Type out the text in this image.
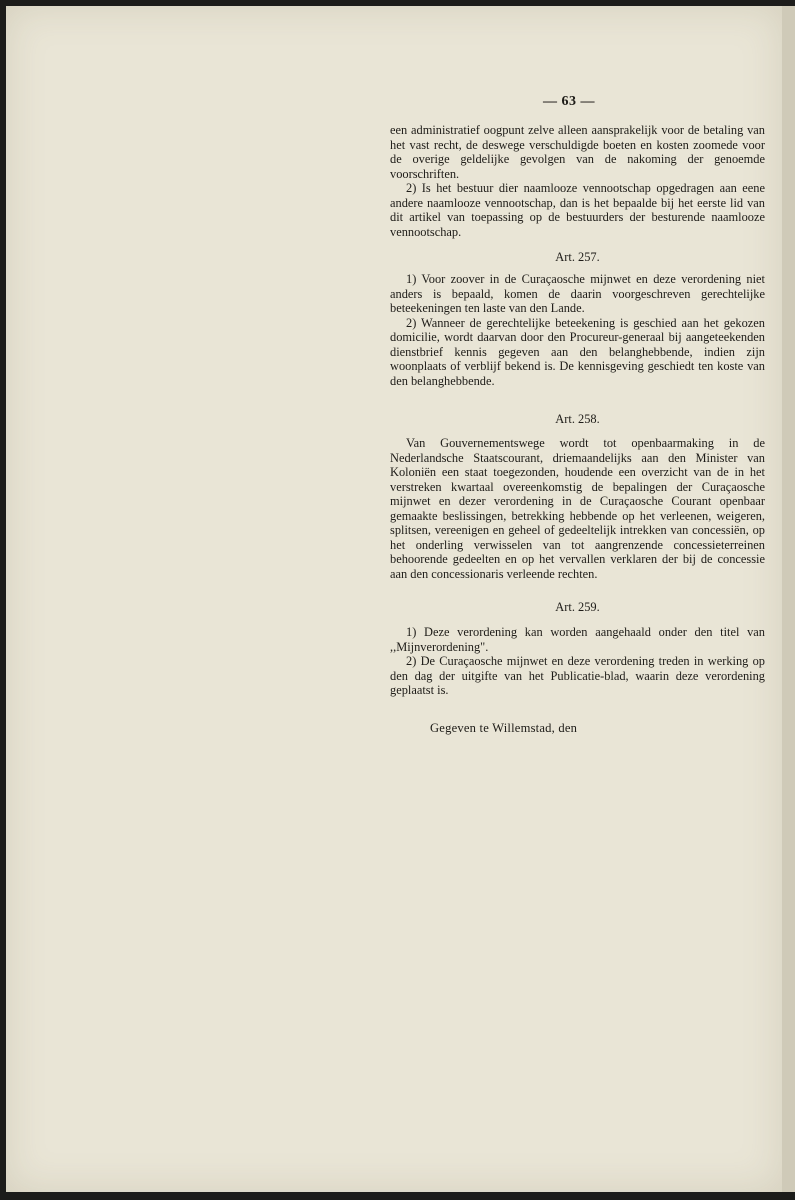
— 63 —

een administratief oogpunt zelve alleen aansprakelijk voor de betaling van het vast recht, de deswege verschuldigde boeten en kosten zoomede voor de overige geldelijke gevolgen van de nakoming der genoemde voorschriften.

2) Is het bestuur dier naamlooze vennootschap opgedragen aan eene andere naamlooze vennootschap, dan is het bepaalde bij het eerste lid van dit artikel van toepassing op de bestuurders der besturende naamlooze vennootschap.

Art. 257.

1) Voor zoover in de Curaçaosche mijnwet en deze verordening niet anders is bepaald, komen de daarin voorgeschreven gerechtelijke beteekeningen ten laste van den Lande.

2) Wanneer de gerechtelijke beteekening is geschied aan het gekozen domicilie, wordt daarvan door den Procureur-generaal bij aangeteekenden dienstbrief kennis gegeven aan den belanghebbende, indien zijn woonplaats of verblijf bekend is. De kennisgeving geschiedt ten koste van den belanghebbende.

Art. 258.

Van Gouvernementswege wordt tot openbaarmaking in de Nederlandsche Staatscourant, driemaandelijks aan den Minister van Koloniën een staat toegezonden, houdende een overzicht van de in het verstreken kwartaal overeenkomstig de bepalingen der Curaçaosche mijnwet en dezer verordening in de Curaçaosche Courant openbaar gemaakte beslissingen, betrekking hebbende op het verleenen, weigeren, splitsen, vereenigen en geheel of gedeeltelijk intrekken van concessiën, op het onderling verwisselen van tot aangrenzende concessieterreinen behoorende gedeelten en op het vervallen verklaren der bij de concessie aan den concessionaris verleende rechten.

Art. 259.

1) Deze verordening kan worden aangehaald onder den titel van ,,Mijnverordening".

2) De Curaçaosche mijnwet en deze verordening treden in werking op den dag der uitgifte van het Publicatie-blad, waarin deze verordening geplaatst is.

Gegeven te Willemstad, den
